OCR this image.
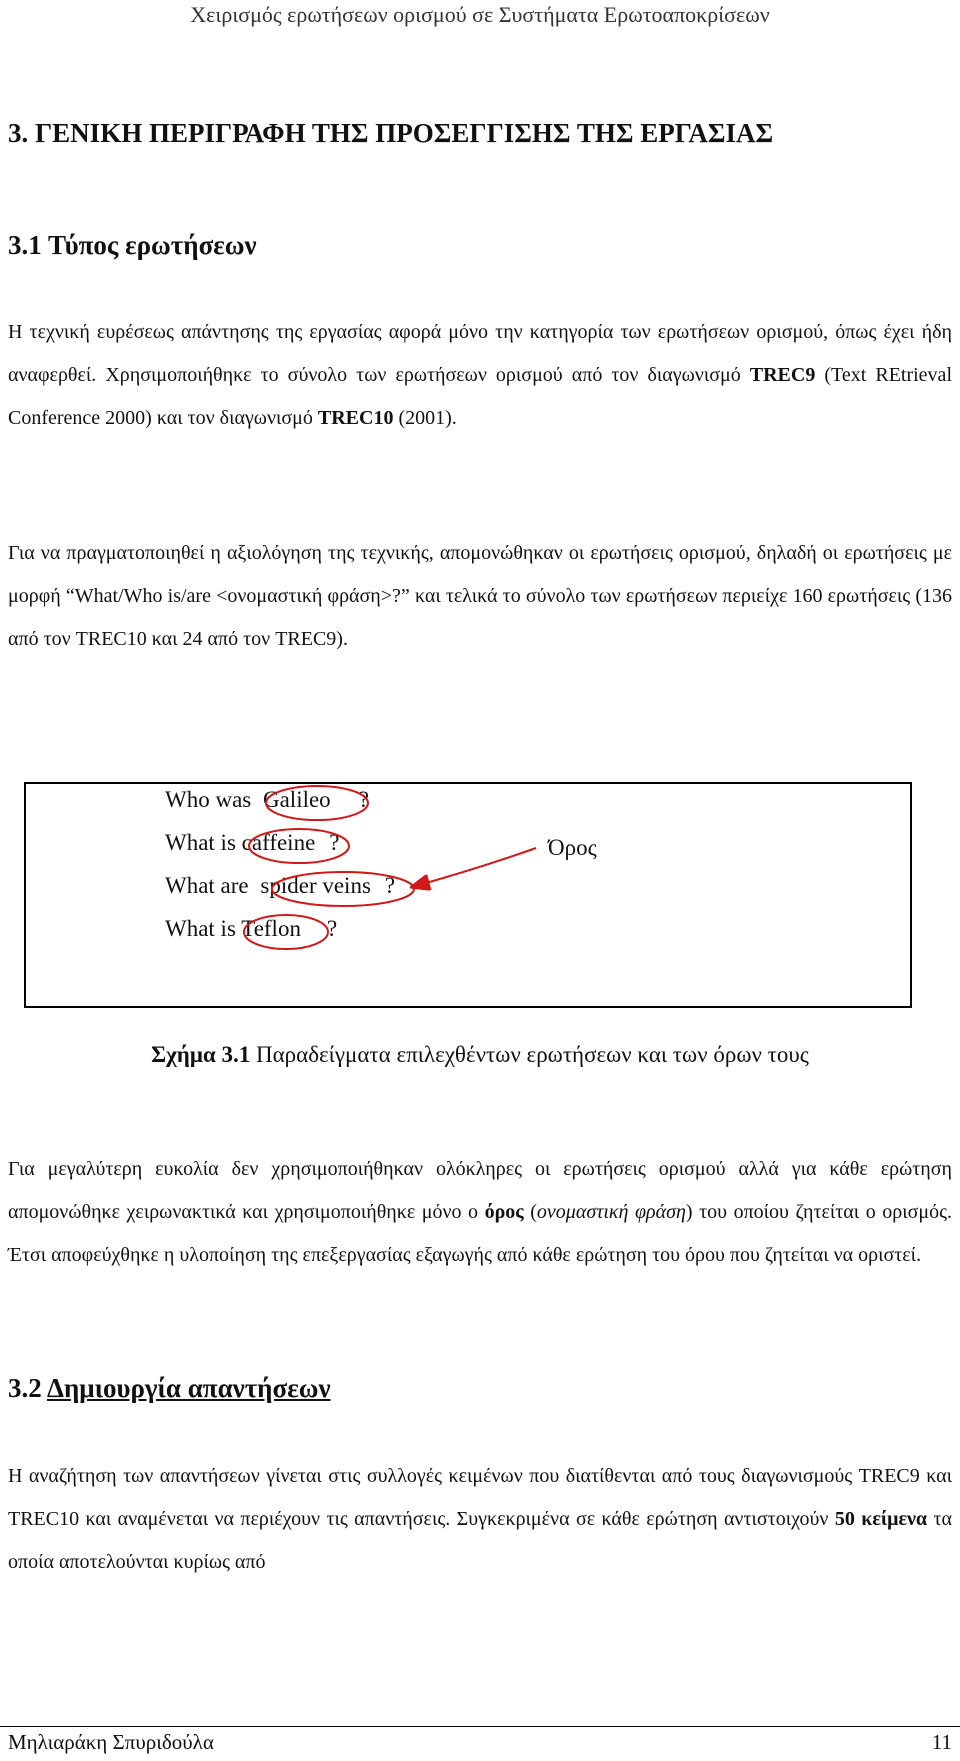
Χειρισμός ερωτήσεων ορισμού σε Συστήματα Ερωτοαποκρίσεων
3. ΓΕΝΙΚΗ ΠΕΡΙΓΡΑΦΗ ΤΗΣ ΠΡΟΣΕΓΓΙΣΗΣ ΤΗΣ ΕΡΓΑΣΙΑΣ
3.1 Τύπος ερωτήσεων
Η τεχνική ευρέσεως απάντησης της εργασίας αφορά μόνο την κατηγορία των ερωτήσεων ορισμού, όπως έχει ήδη αναφερθεί. Χρησιμοποιήθηκε το σύνολο των ερωτήσεων ορισμού από τον διαγωνισμό TREC9 (Text REtrieval Conference 2000) και τον διαγωνισμό TREC10 (2001).
Για να πραγματοποιηθεί η αξιολόγηση της τεχνικής, απομονώθηκαν οι ερωτήσεις ορισμού, δηλαδή οι ερωτήσεις με μορφή “What/Who is/are <ονομαστική φράση>?” και τελικά το σύνολο των ερωτήσεων περιείχε 160 ερωτήσεις (136 από τον TREC10 και 24 από τον TREC9).
Who was Galileo ?
What is caffeine ?
What are spider veins ?
What is Teflon ?
Όρος
Σχήμα 3.1 Παραδείγματα επιλεχθέντων ερωτήσεων και των όρων τους
Για μεγαλύτερη ευκολία δεν χρησιμοποιήθηκαν ολόκληρες οι ερωτήσεις ορισμού αλλά για κάθε ερώτηση απομονώθηκε χειρωνακτικά και χρησιμοποιήθηκε μόνο ο όρος (ονομαστική φράση) του οποίου ζητείται ο ορισμός. Έτσι αποφεύχθηκε η υλοποίηση της επεξεργασίας εξαγωγής από κάθε ερώτηση του όρου που ζητείται να οριστεί.
3.2 Δημιουργία απαντήσεων
Η αναζήτηση των απαντήσεων γίνεται στις συλλογές κειμένων που διατίθενται από τους διαγωνισμούς TREC9 και TREC10 και αναμένεται να περιέχουν τις απαντήσεις. Συγκεκριμένα σε κάθε ερώτηση αντιστοιχούν 50 κείμενα τα οποία αποτελούνται κυρίως από
Μηλιαράκη Σπυριδούλα	11
